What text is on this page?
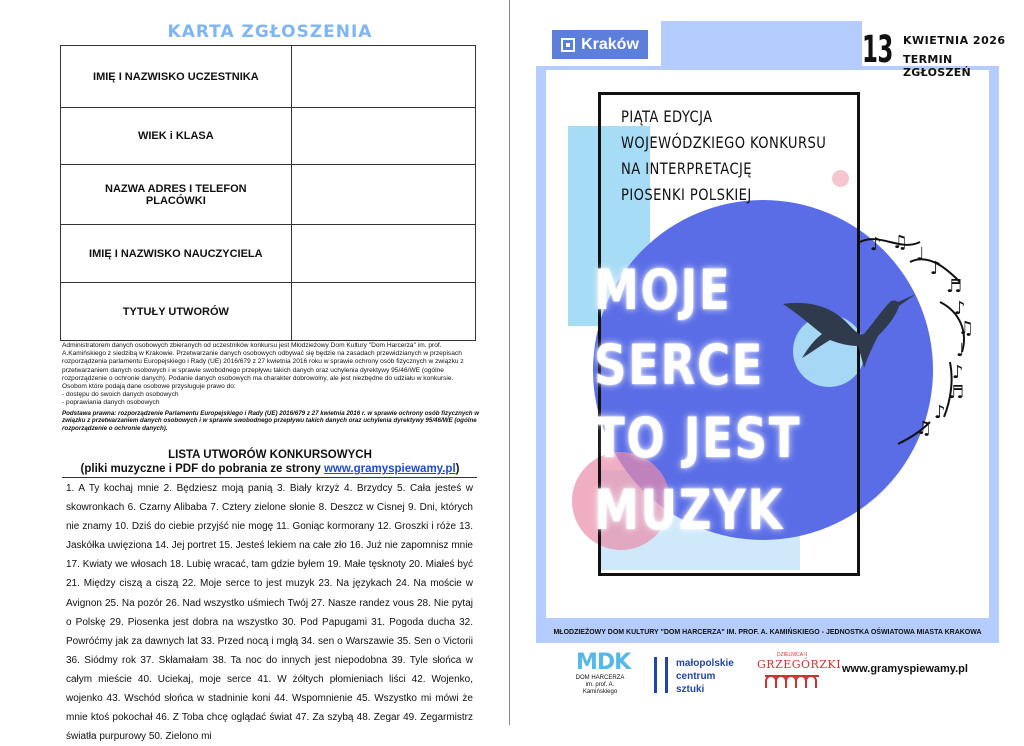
KARTA ZGŁOSZENIA
IMIĘ I NAZWISKO UCZESTNIKA	
WIEK i KLASA	
NAZWA ADRES I TELEFON PLACÓWKI	
IMIĘ I NAZWISKO NAUCZYCIELA	
TYTUŁY UTWORÓW	

Administratorem danych osobowych zbieranych od uczestników konkursu jest Młodzieżowy Dom Kultury "Dom Harcerza" im. prof. A.Kamińskiego z siedzibą w Krakowie. Przetwarzanie danych osobowych odbywać się będzie na zasadach przewidzianych w przepisach rozporządzenia parlamentu Europejskiego i Rady (UE) 2016/679 z 27 kwietnia 2016 roku w sprawie ochrony osób fizycznych w związku z przetwarzaniem danych osobowych i w sprawie swobodnego przepływu takich danych oraz uchylenia dyrektywy 95/46/WE (ogólne rozporządzenie o ochronie danych). Podanie danych osobowych ma charakter dobrowolny, ale jest niezbędne do udziału w konkursie.

Osobom które podają dane osobowe przysługuje prawo do:

- dostępu do swoich danych osobowych

- poprawiania danych osobowych

Podstawa prawna: rozporządzenie Parlamentu Europejskiego i Rady (UE) 2016/679 z 27 kwietnia 2016 r. w sprawie ochrony osób fizycznych w związku z przetwarzaniem danych osobowych i w sprawie swobodnego przepływu takich danych oraz uchylenia dyrektywy 95/46/WE (ogólne rozporządzenie o ochronie danych).

LISTA UTWORÓW KONKURSOWYCH
(pliki muzyczne i PDF do pobrania ze strony www.gramyspiewamy.pl)
1. A Ty kochaj mnie 2. Będziesz moją panią 3. Biały krzyż 4. Brzydcy 5. Cała jesteś w skowronkach 6. Czarny Alibaba 7. Cztery zielone słonie 8. Deszcz w Cisnej 9. Dni, których nie znamy 10. Dziś do ciebie przyjść nie mogę 11. Goniąc kormorany 12. Groszki i róże 13. Jaskółka uwięziona 14. Jej portret 15. Jesteś lekiem na całe zło 16. Już nie zapomnisz mnie 17. Kwiaty we włosach 18. Lubię wracać, tam gdzie byłem 19. Małe tęsknoty 20. Miałeś być 21. Między ciszą a ciszą 22. Moje serce to jest muzyk 23. Na językach 24. Na moście w Avignon 25. Na pozór 26. Nad wszystko uśmiech Twój 27. Nasze randez vous 28. Nie pytaj o Polskę 29. Piosenka jest dobra na wszystko 30. Pod Papugami 31. Pogoda ducha 32. Powróćmy jak za dawnych lat 33. Przed nocą i mgłą 34. sen o Warszawie 35. Sen o Victorii 36. Siódmy rok 37. Skłamałam 38. Ta noc do innych jest niepodobna 39. Tyle słońca w całym mieście 40. Uciekaj, moje serce 41. W żółtych płomieniach liści 42. Wojenko, wojenko 43. Wschód słońca w stadninie koni 44. Wspomnienie 45. Wszystko mi mówi że mnie ktoś pokochał 46. Z Toba chcę oglądać świat 47. Za szybą 48. Zegar 49. Zegarmistrz światła purpurowy 50. Zielono mi
Kraków	13 KWIETNIA 2026
TERMIN ZGŁOSZEŃ
PIĄTA EDYCJA
WOJEWÓDZKIEGO KONKURSU
NA INTERPRETACJĘ
PIOSENKI POLSKIEJ
♪ ♫
♩
♪
♬
♪
♫
♩
♪
♬
♪
♫
MOJE
SERCE
TO JEST
MUZYK
MŁODZIEŻOWY DOM KULTURY "DOM HARCERZA" IM. PROF. A. KAMIŃSKIEGO - JEDNOSTKA OŚWIATOWA MIASTA KRAKOWA
MDK
DOM HARCERZA
im. prof. A. Kamińskiego
małopolskie
centrum
sztuki
DZIELNICA II
GRZEGÓRZKI www.gramyspiewamy.pl
